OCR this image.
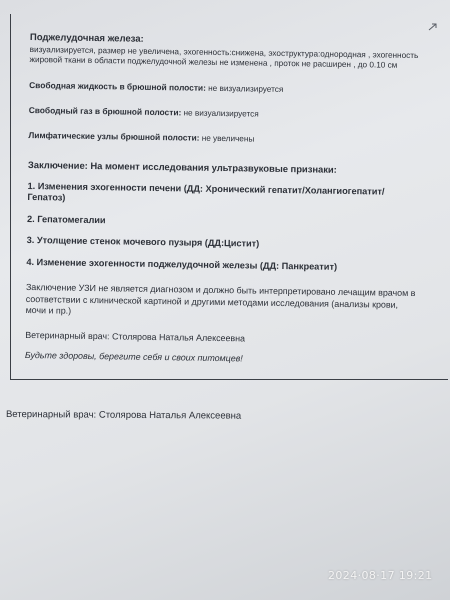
Поджелудочная железа:

визуализируется, размер не увеличена, эхогенность:снижена, эхоструктура:однородная , эхогенность жировой ткани в области поджелудочной железы не изменена , проток не расширен , до 0.10 см

Свободная жидкость в брюшной полости: не визуализируется

Свободный газ в брюшной полости: не визуализируется

Лимфатические узлы брюшной полости: не увеличены

Заключение: На момент исследования ультразвуковые признаки:

1. Изменения эхогенности печени (ДД: Хронический гепатит/Холангиогепатит/Гепатоз)

2. Гепатомегалии

3. Утолщение стенок мочевого пузыря (ДД:Цистит)

4. Изменение эхогенности поджелудочной железы (ДД: Панкреатит)

Заключение УЗИ не является диагнозом и должно быть интерпретировано лечащим врачом в соответствии с клинической картиной и другими методами исследования (анализы крови, мочи и пр.)

Ветеринарный врач: Столярова Наталья Алексеевна

Будьте здоровы, берегите себя и своих питомцев!

Ветеринарный врач: Столярова Наталья Алексеевна
2024·08·17 19:21
